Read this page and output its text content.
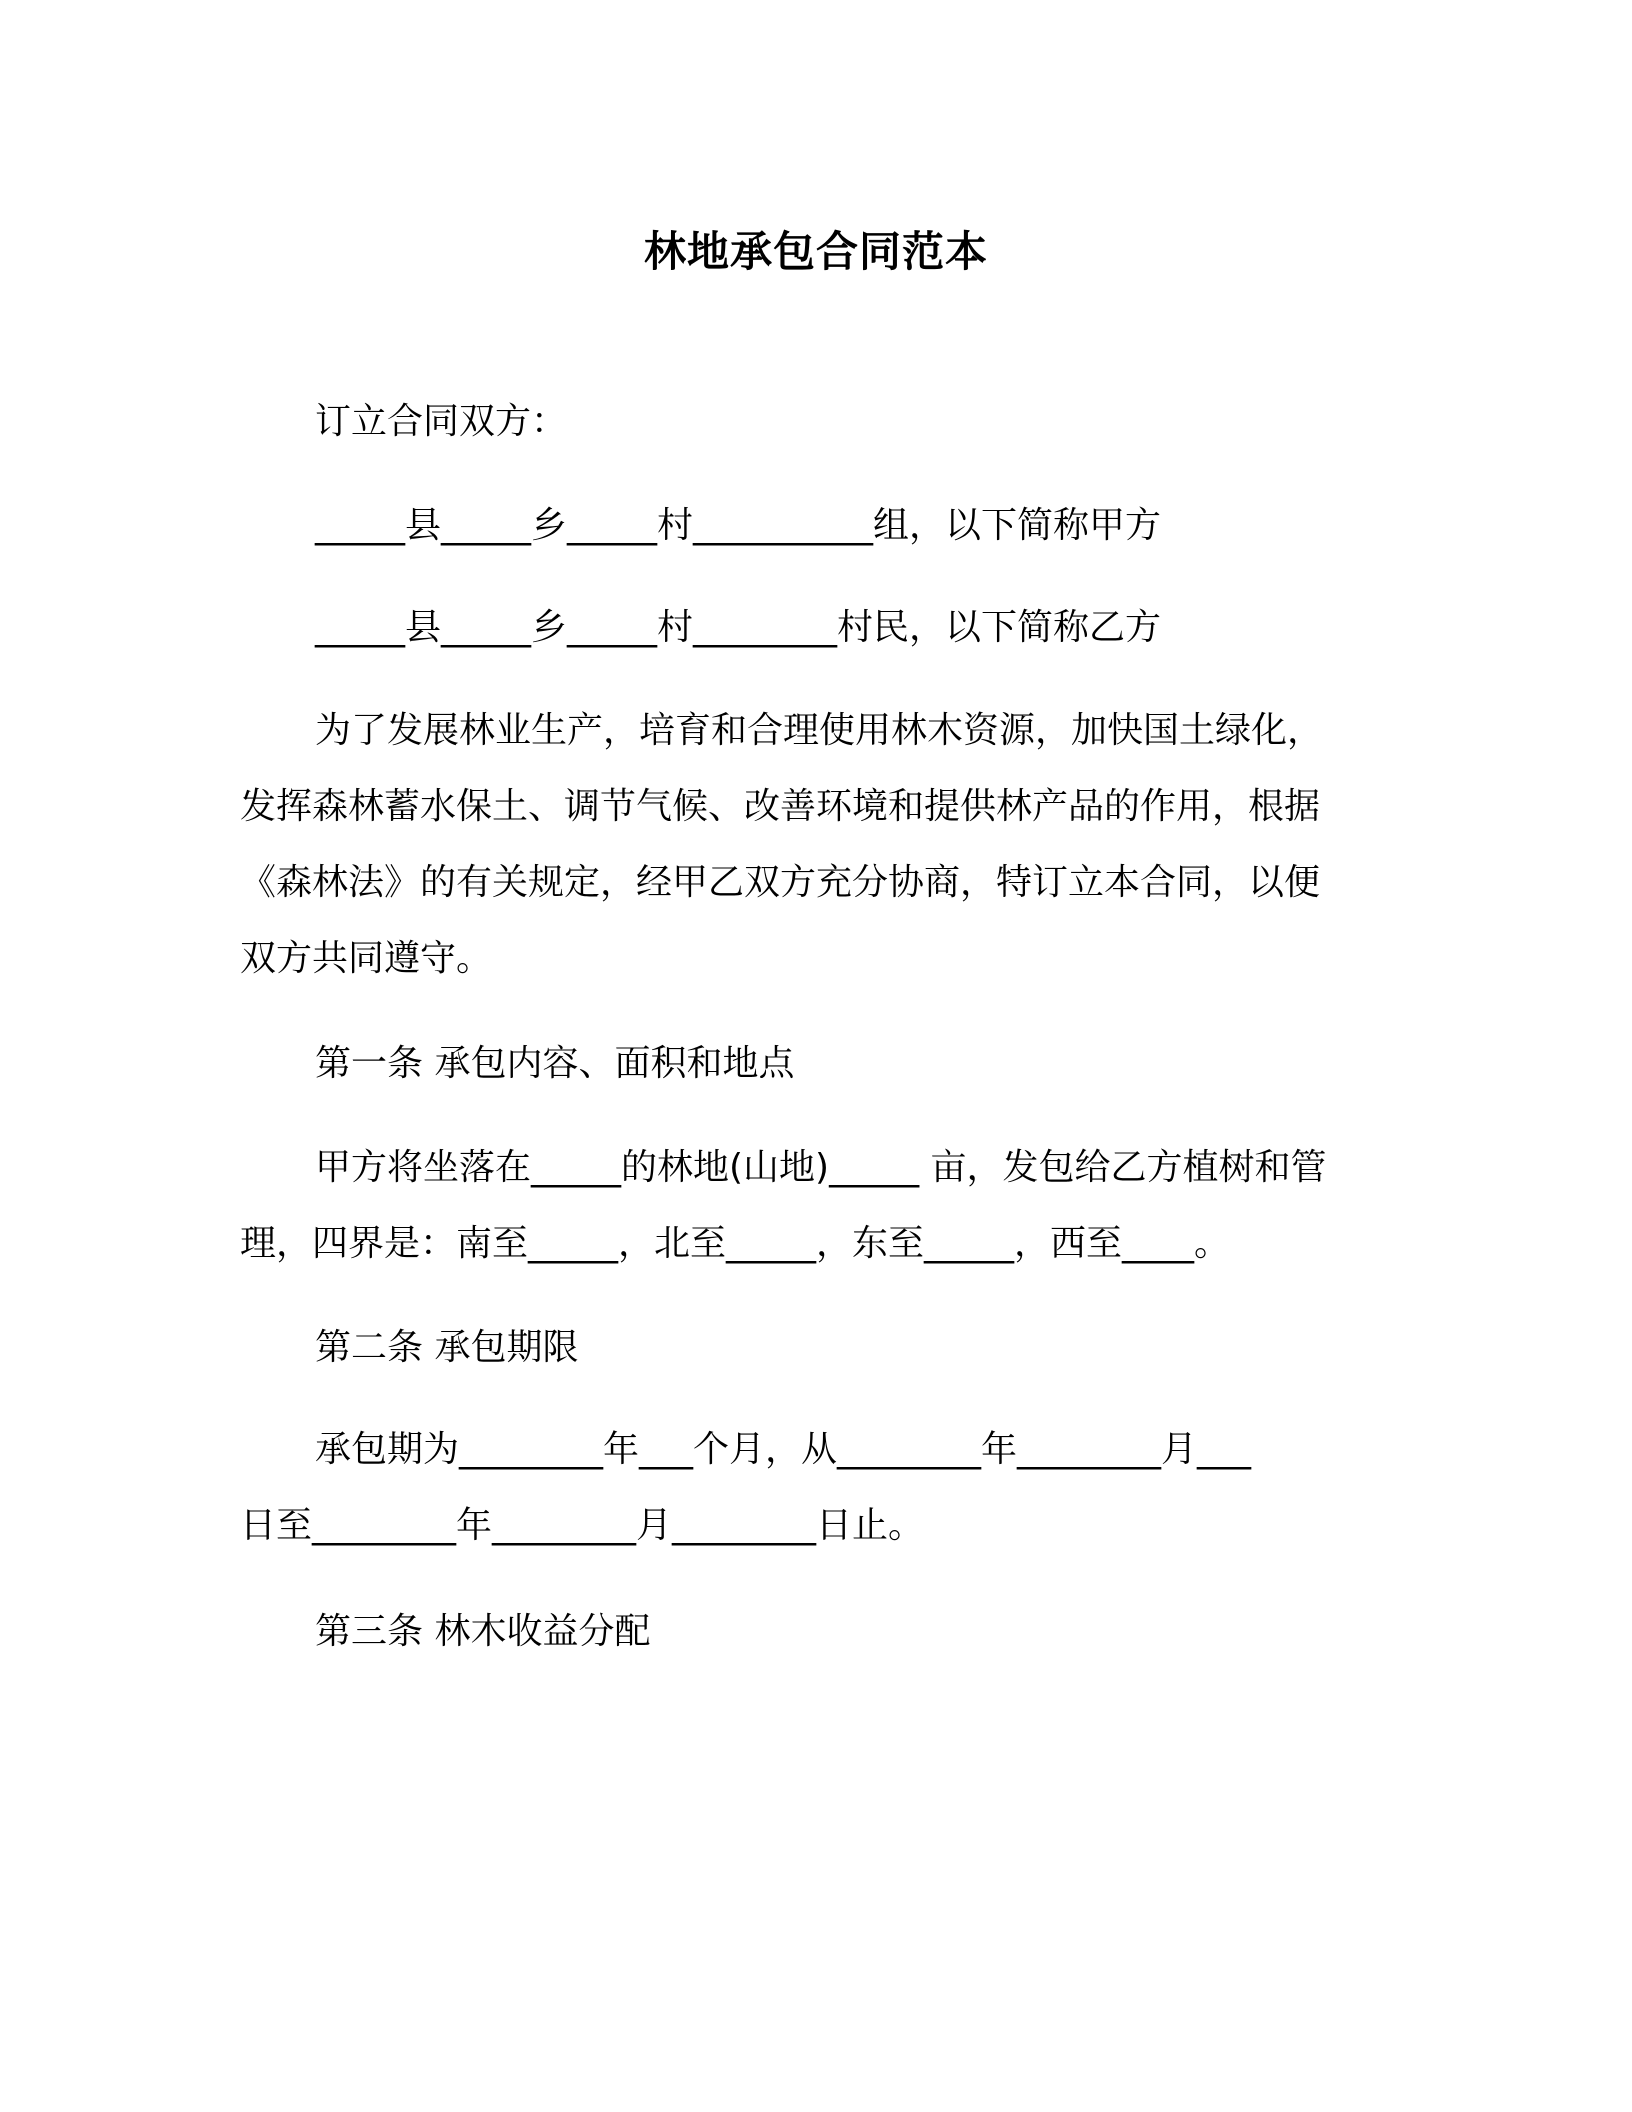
林地承包合同范本
订立合同双方：
_____县_____乡_____村__________组，以下简称甲方
_____县_____乡_____村________村民，以下简称乙方
为了发展林业生产，培育和合理使用林木资源，加快国土绿化，
发挥森林蓄水保土、调节气候、改善环境和提供林产品的作用，根据
《森林法》的有关规定，经甲乙双方充分协商，特订立本合同，以便
双方共同遵守。
第一条 承包内容、面积和地点
甲方将坐落在_____的林地(山地)_____ 亩，发包给乙方植树和管
理，四界是：南至_____，北至_____，东至_____，西至____。
第二条 承包期限
承包期为________年___个月，从________年________月___
日至________年________月________日止。
第三条 林木收益分配
